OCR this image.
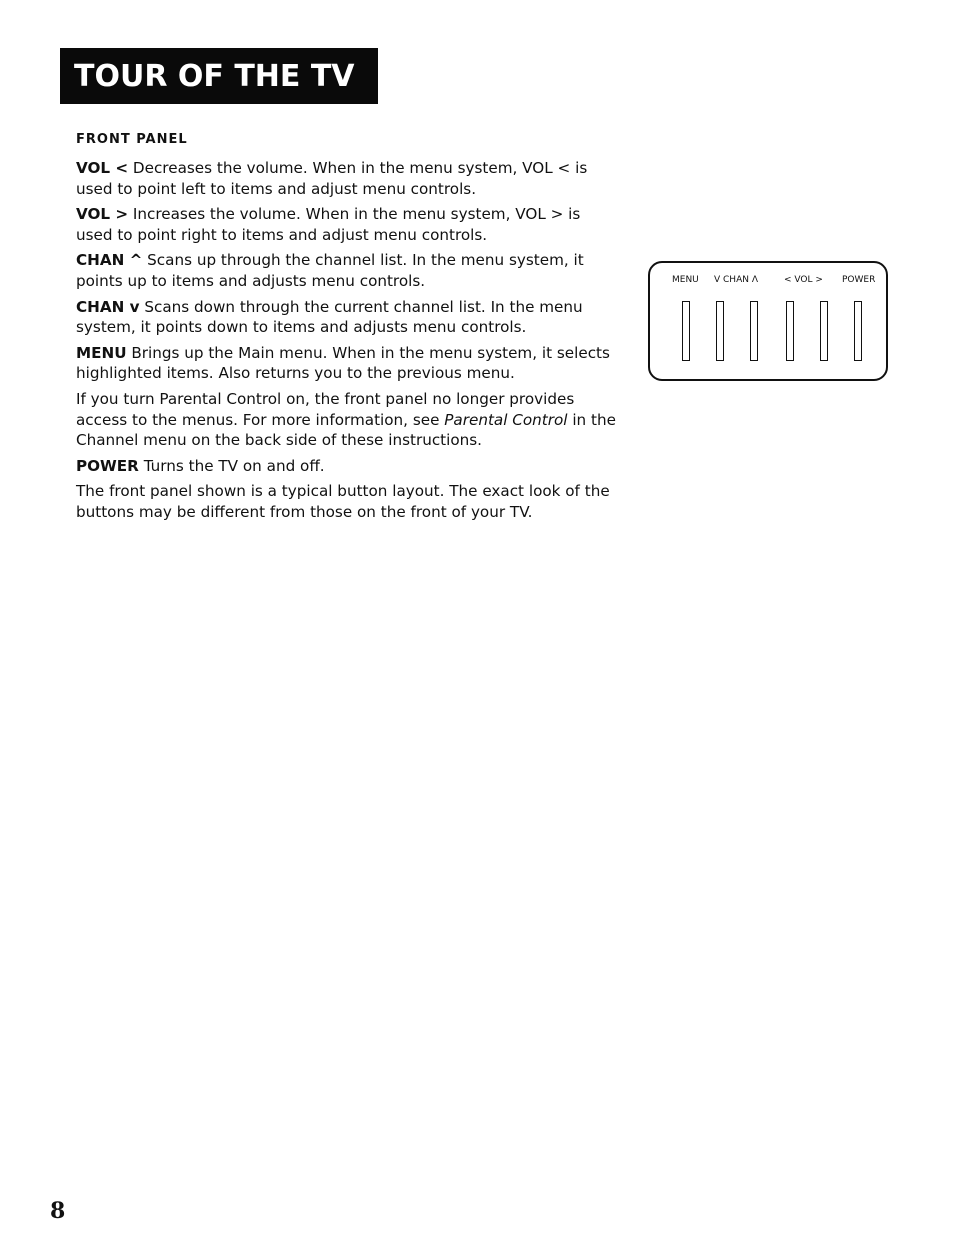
TOUR OF THE TV
FRONT PANEL

VOL < Decreases the volume. When in the menu system, VOL < is used to point left to items and adjust menu controls.

VOL > Increases the volume. When in the menu system, VOL > is used to point right to items and adjust menu controls.

CHAN ^ Scans up through the channel list. In the menu system, it points up to items and adjusts menu controls.

CHAN v Scans down through the current channel list. In the menu system, it points down to items and adjusts menu controls.

MENU Brings up the Main menu. When in the menu system, it selects highlighted items. Also returns you to the previous menu.

If you turn Parental Control on, the front panel no longer provides access to the menus. For more information, see Parental Control in the Channel menu on the back side of these instructions.

POWER Turns the TV on and off.

The front panel shown is a typical button layout. The exact look of the buttons may be different from those on the front of your TV.

MENU V CHAN Λ	< VOL > POWER
8
